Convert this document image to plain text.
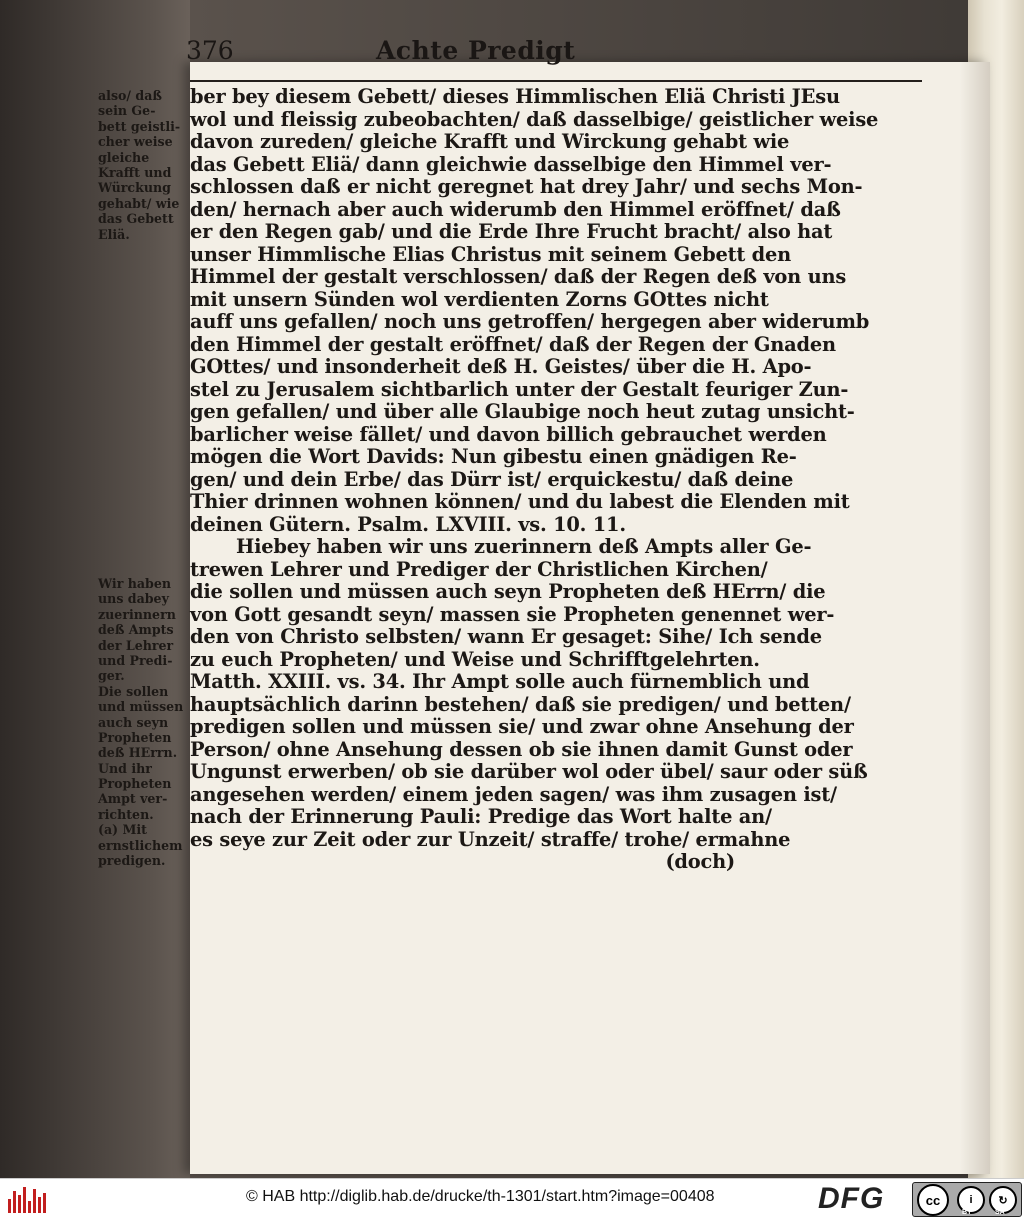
376	Achte Predigt
also/ daß
sein Ge-
bett geistli-
cher weise
gleiche
Krafft und
Würckung
gehabt/ wie
das Gebett
Eliä.
Wir haben
uns dabey
zuerinnern
deß Ampts
der Lehrer
und Predi-
ger.
Die sollen
und müssen
auch seyn
Propheten
deß HErrn.
Und ihr
Propheten
Ampt ver-
richten.
(a) Mit
ernstlichem
predigen.
ber bey diesem Gebett/ dieses Himmlischen Eliä Christi JEsu
wol und fleissig zubeobachten/ daß dasselbige/ geistlicher weise
davon zureden/ gleiche Krafft und Wirckung gehabt wie
das Gebett Eliä/ dann gleichwie dasselbige den Himmel ver-
schlossen daß er nicht geregnet hat drey Jahr/ und sechs Mon-
den/ hernach aber auch widerumb den Himmel eröffnet/ daß
er den Regen gab/ und die Erde Ihre Frucht bracht/ also hat
unser Himmlische Elias Christus mit seinem Gebett den
Himmel der gestalt verschlossen/ daß der Regen deß von uns
mit unsern Sünden wol verdienten Zorns GOttes nicht
auff uns gefallen/ noch uns getroffen/ hergegen aber widerumb
den Himmel der gestalt eröffnet/ daß der Regen der Gnaden
GOttes/ und insonderheit deß H. Geistes/ über die H. Apo-
stel zu Jerusalem sichtbarlich unter der Gestalt feuriger Zun-
gen gefallen/ und über alle Glaubige noch heut zutag unsicht-
barlicher weise fället/ und davon billich gebrauchet werden
mögen die Wort Davids: Nun gibestu einen gnädigen Re-
gen/ und dein Erbe/ das Dürr ist/ erquickestu/ daß deine
Thier drinnen wohnen können/ und du labest die Elenden mit
deinen Gütern. Psalm. LXVIII. vs. 10. 11.
Hiebey haben wir uns zuerinnern deß Ampts aller Ge-
trewen Lehrer und Prediger der Christlichen Kirchen/
die sollen und müssen auch seyn Propheten deß HErrn/ die
von Gott gesandt seyn/ massen sie Propheten genennet wer-
den von Christo selbsten/ wann Er gesaget: Sihe/ Ich sende
zu euch Propheten/ und Weise und Schrifftgelehrten.
Matth. XXIII. vs. 34. Ihr Ampt solle auch fürnemblich und
hauptsächlich darinn bestehen/ daß sie predigen/ und betten/
predigen sollen und müssen sie/ und zwar ohne Ansehung der
Person/ ohne Ansehung dessen ob sie ihnen damit Gunst oder
Ungunst erwerben/ ob sie darüber wol oder übel/ saur oder süß
angesehen werden/ einem jeden sagen/ was ihm zusagen ist/
nach der Erinnerung Pauli: Predige das Wort halte an/
es seye zur Zeit oder zur Unzeit/ straffe/ trohe/ ermahne
(doch)
© HAB http://diglib.hab.de/drucke/th-1301/start.htm?image=00408	DFG	cc	i	↻
BY	SA
